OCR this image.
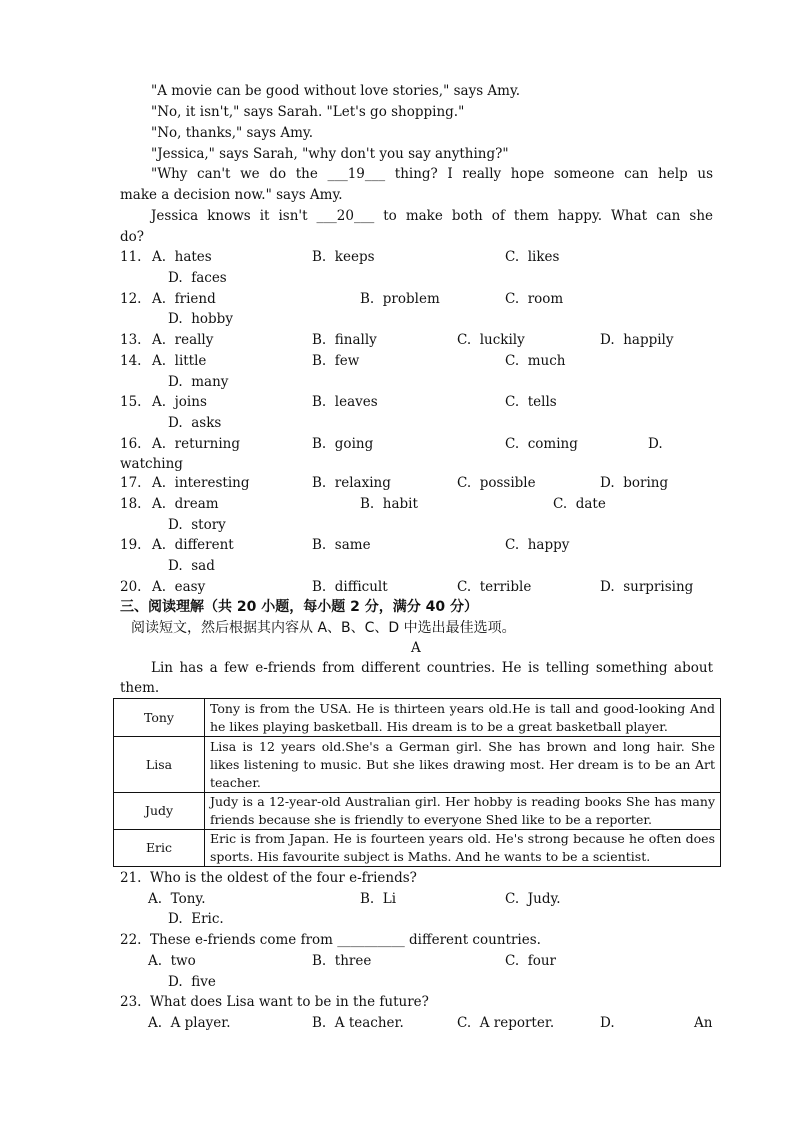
"A movie can be good without love stories," says Amy.
"No, it isn't," says Sarah. "Let's go shopping."
"No, thanks," says Amy.
"Jessica," says Sarah, "why don't you say anything?"
"Why can't we do the ___19___ thing? I really hope someone can help us
make a decision now." says Amy.
Jessica knows it isn't ___20___ to make both of them happy. What can she
do?
11. A.  hates	B.  keeps	C.  likes
D.  faces
12. A.  friend	B.  problem	C.  room
D.  hobby
13. A.  really	B.  finally	C.  luckily	D.  happily
14. A.  little	B.  few	C.  much
D.  many
15. A.  joins	B.  leaves	C.  tells
D.  asks
16. A.  returning	B.  going	C.  coming	D.
watching
17. A.  interesting	B.  relaxing	C.  possible	D.  boring
18. A.  dream	B.  habit	C.  date
D.  story
19. A.  different	B.  same	C.  happy
D.  sad
20. A.  easy	B.  difficult	C.  terrible	D.  surprising
三、阅读理解（共 20 小题，每小题 2 分，满分 40 分）
阅读短文，然后根据其内容从 A、B、C、D 中选出最佳选项。
A
Lin has a few e-friends from different countries. He is telling something about
them.
Tony	Tony is from the USA. He is thirteen years old.He is tall and good-looking And he likes playing basketball. His dream is to be a great basketball player.
Lisa	Lisa is 12 years old.She's a German girl. She has brown and long hair. She likes listening to music. But she likes drawing most. Her dream is to be an Art teacher.
Judy	Judy is a 12-year-old Australian girl. Her hobby is reading books She has many friends because she is friendly to everyone Shed like to be a reporter.
Eric	Eric is from Japan. He is fourteen years old. He's strong because he often does sports. His favourite subject is Maths. And he wants to be a scientist.
21.  Who is the oldest of the four e-friends?
A.  Tony.	B.  Li	C.  Judy.
D.  Eric.
22.  These e-friends come from __________ different countries.
A.  two	B.  three	C.  four
D.  five
23.  What does Lisa want to be in the future?
A.  A player.	B.  A teacher.	C.  A reporter.	D.	An
